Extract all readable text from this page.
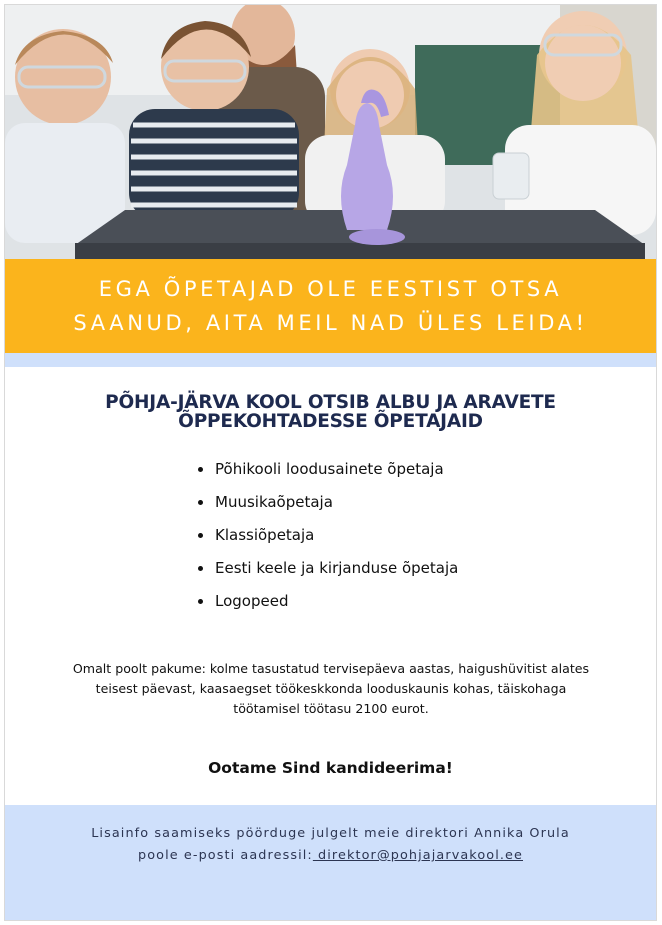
EGA ÕPETAJAD OLE EESTIST OTSA
SAANUD, AITA MEIL NAD ÜLES LEIDA!
PÕHJA-JÄRVA KOOL OTSIB ALBU JA ARAVETE
ÕPPEKOHTADESSE ÕPETAJAID
Põhikooli loodusainete õpetaja
Muusikaõpetaja
Klassiõpetaja
Eesti keele ja kirjanduse õpetaja
Logopeed
Omalt poolt pakume: kolme tasustatud tervisepäeva aastas, haigushüvitist alates
teisest päevast, kaasaegset töökeskkonda looduskaunis kohas, täiskohaga
töötamisel töötasu 2100 eurot.
Ootame Sind kandideerima!
Lisainfo saamiseks pöörduge julgelt meie direktori Annika Orula
poole e-posti aadressil: direktor@pohjajarvakool.ee
